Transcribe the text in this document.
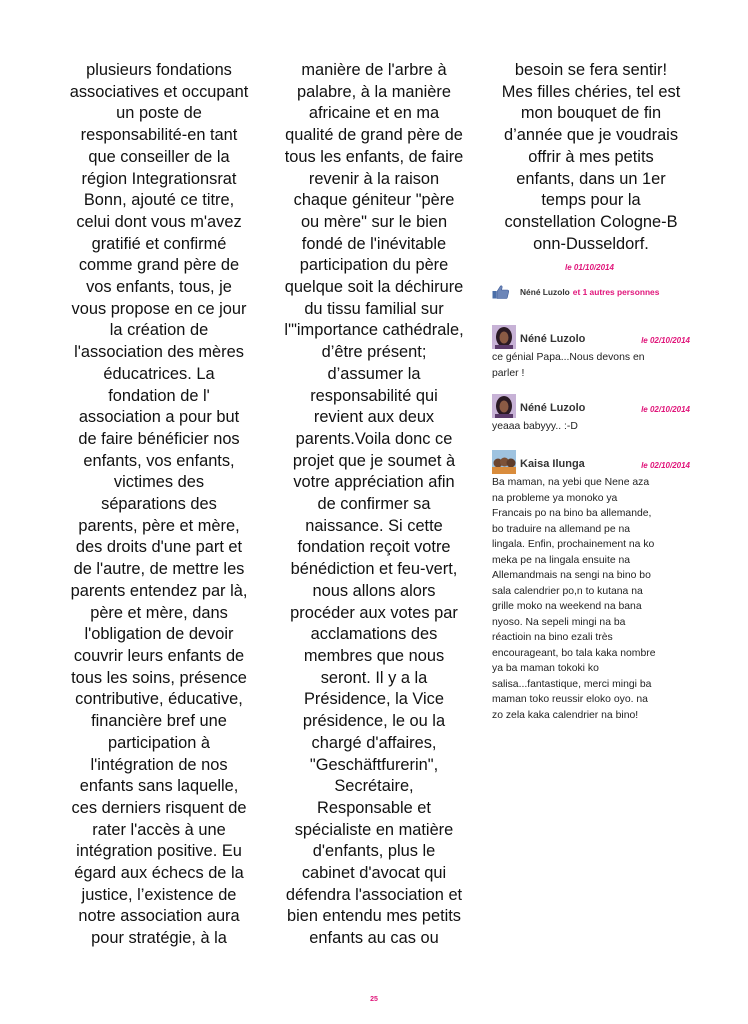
plusieurs fondations
associatives et occupant
un poste de
responsabilité-en tant
que conseiller de la
région Integrationsrat
Bonn, ajouté ce titre,
celui dont vous m'avez
gratifié et confirmé
comme grand père de
vos enfants, tous, je
vous propose en ce jour
la création de
l'association des mères
éducatrices. La
fondation de l'
association a pour but
de faire bénéficier nos
enfants, vos enfants,
victimes des
séparations des
parents, père et mère,
des droits d'une part et
de l'autre, de mettre les
parents entendez par là,
père et mère, dans
l'obligation de devoir
couvrir leurs enfants de
tous les soins, présence
contributive, éducative,
financière bref une
participation à
l'intégration de nos
enfants sans laquelle,
ces derniers risquent de
rater l'accès à une
intégration positive. Eu
égard aux échecs de la
justice, l’existence de
notre association aura
pour stratégie, à la

manière de l'arbre à
palabre, à la manière
africaine et en ma
qualité de grand père de
tous les enfants, de faire
revenir à la raison
chaque géniteur "père
ou mère" sur le bien
fondé de l'inévitable
participation du père
quelque soit la déchirure
du tissu familial sur
l'"importance cathédrale,
d’être présent;
d’assumer la
responsabilité qui
revient aux deux
parents.Voila donc ce
projet que je soumet à
votre appréciation afin
de confirmer sa
naissance. Si cette
fondation reçoit votre
bénédiction et feu-vert,
nous allons alors
procéder aux votes par
acclamations des
membres que nous
seront. Il y a la
Présidence, la Vice
présidence, le ou la
chargé d'affaires,
"Geschäftfurerin",
Secrétaire,
Responsable et
spécialiste en matière
d'enfants, plus le
cabinet d'avocat qui
défendra l'association et
bien entendu mes petits
enfants au cas ou

besoin se fera sentir!
Mes filles chéries, tel est
mon bouquet de fin
d’année que je voudrais
offrir à mes petits
enfants, dans un 1er
temps pour la
constellation Cologne-B
onn-Dusseldorf.

le 01/10/2014
Néné Luzolo et 1 autres personnes
Néné Luzolo	le 02/10/2014
ce génial Papa...Nous devons en
parler !
Néné Luzolo	le 02/10/2014
yeaaa babyyy.. :-D
Kaisa Ilunga	le 02/10/2014
Ba maman, na yebi que Nene aza
na probleme ya monoko ya
Francais po na bino ba allemande,
bo traduire na allemand pe na
lingala. Enfin, prochainement na ko
meka pe na lingala ensuite na
Allemandmais na sengi na bino bo
sala calendrier po,n to kutana na
grille moko na weekend na bana
nyoso. Na sepeli mingi na ba
réactioin na bino ezali très
encourageant, bo tala kaka nombre
ya ba maman tokoki ko
salisa...fantastique, merci mingi ba
maman toko reussir eloko oyo. na
zo zela kaka calendrier na bino!
25
